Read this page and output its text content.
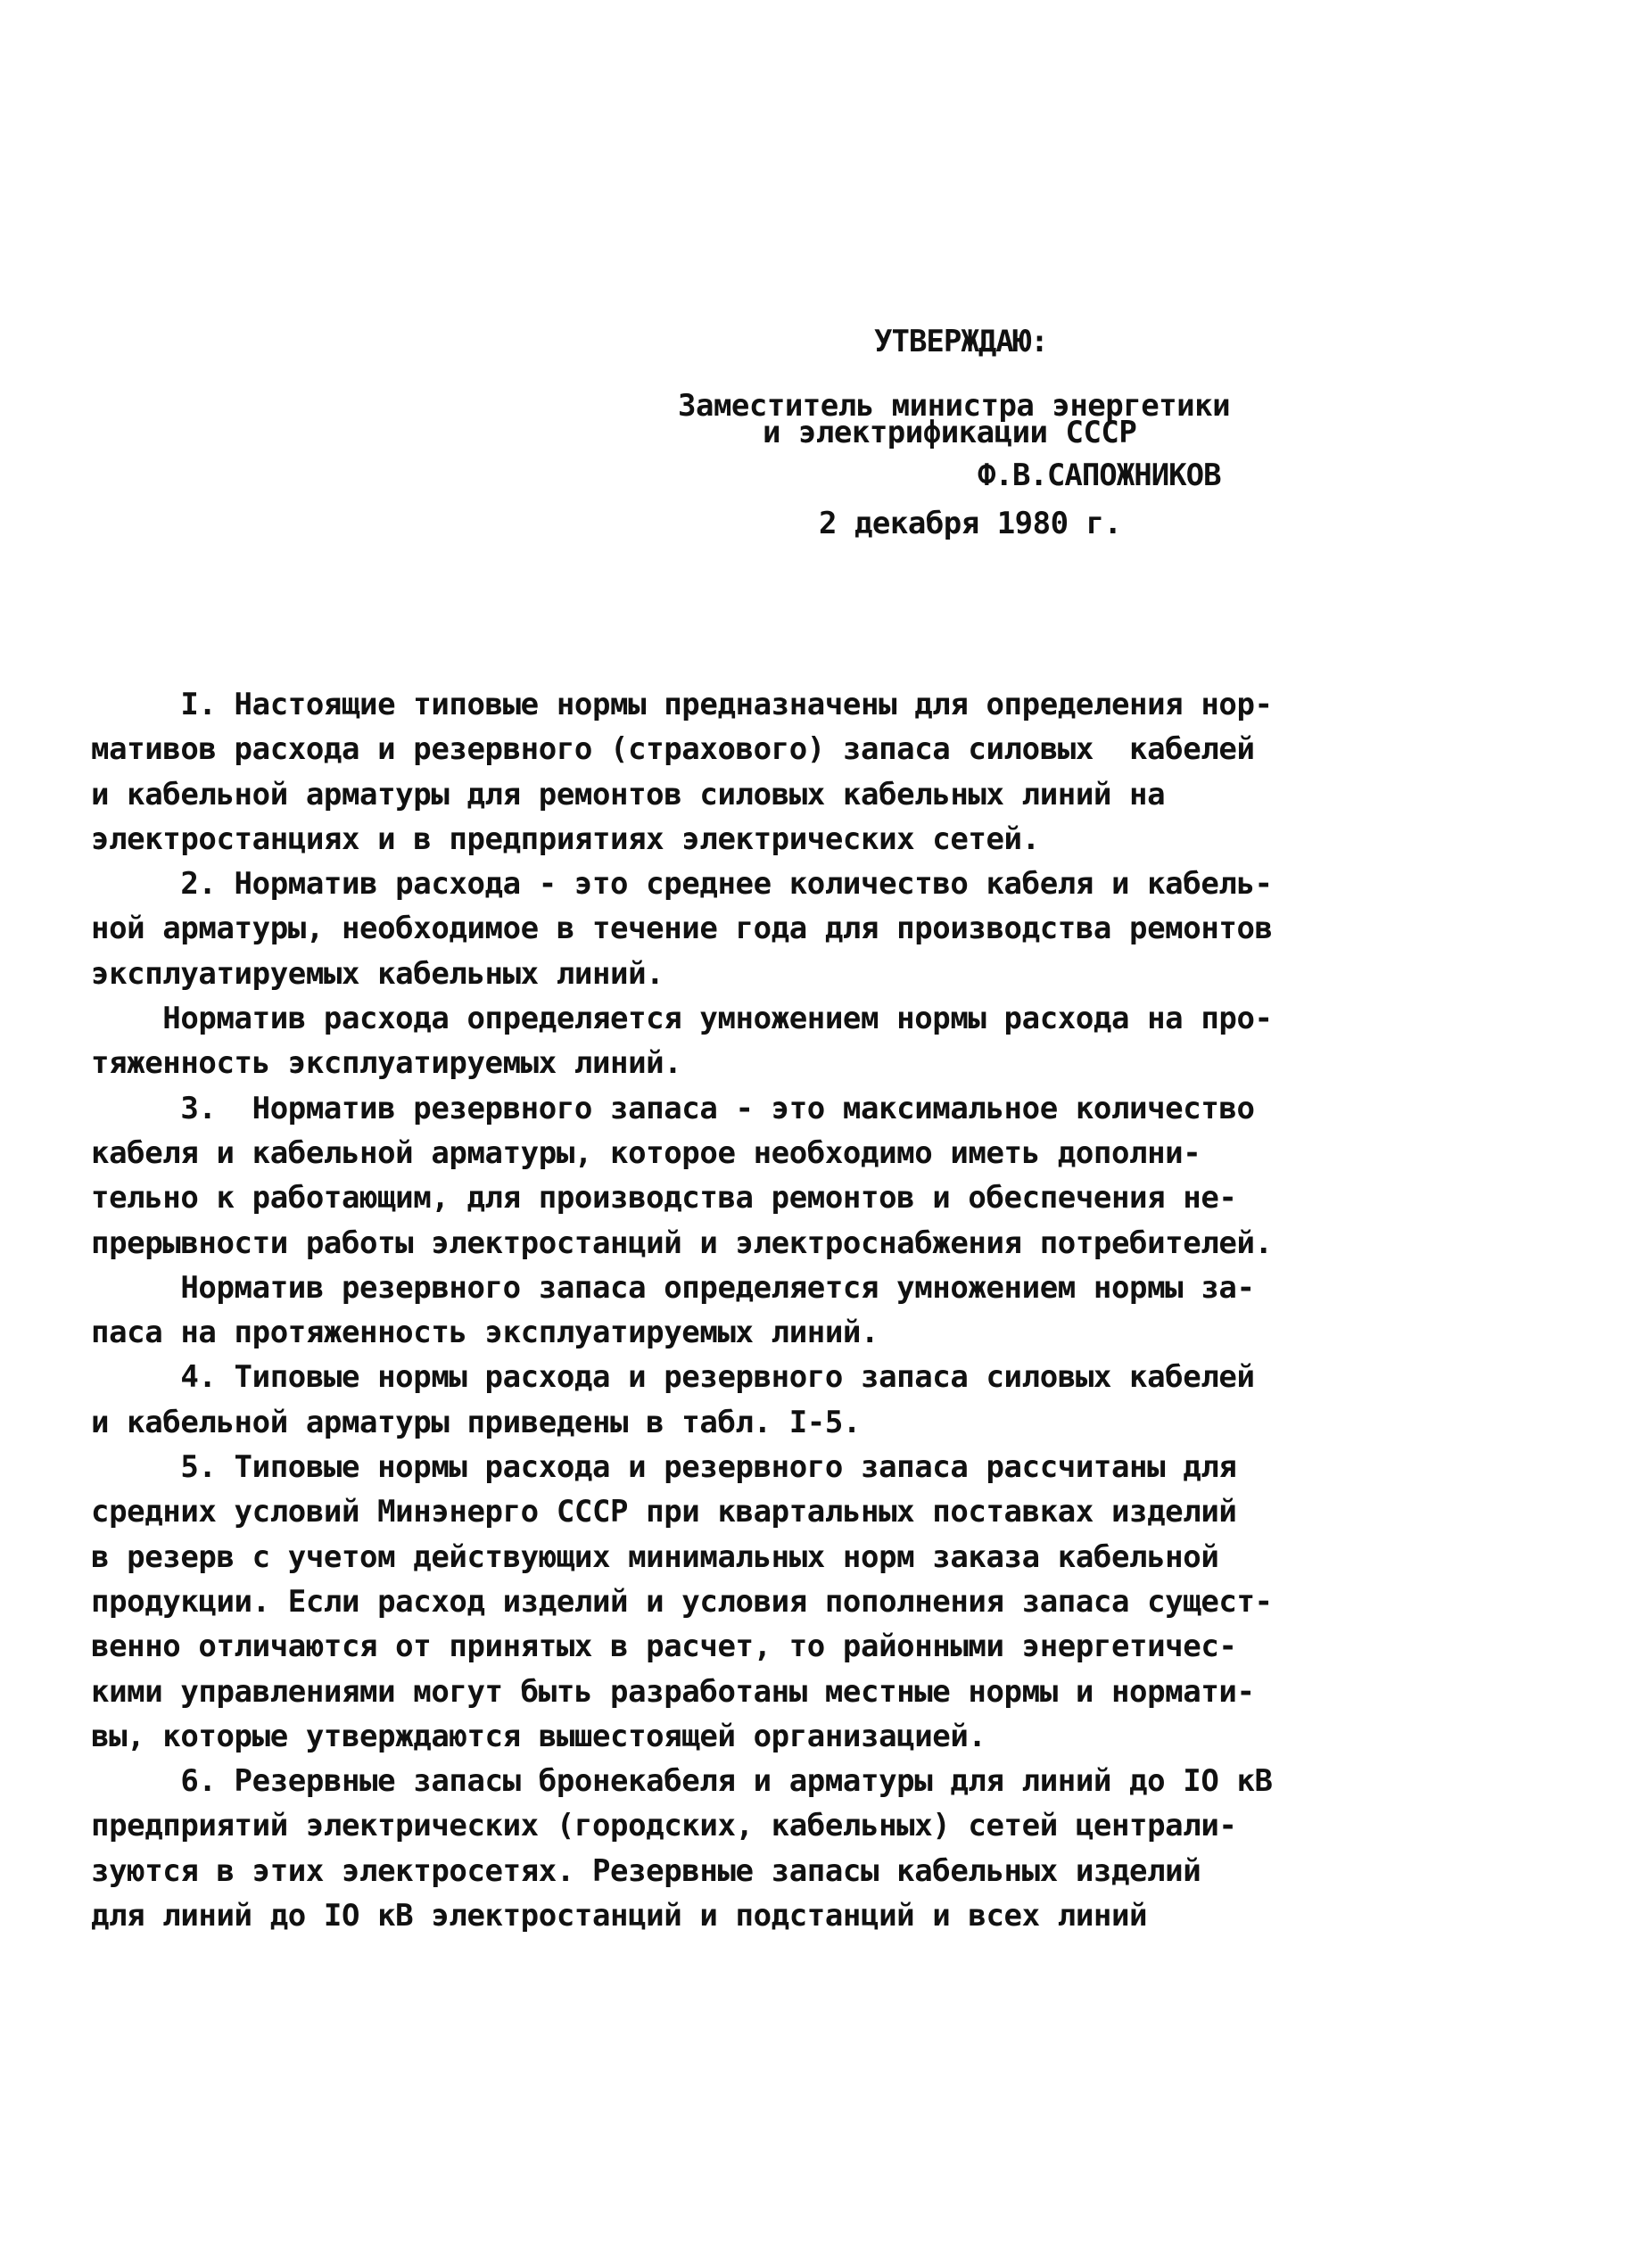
УТВЕРЖДАЮ:
Заместитель министра энергетики
и электрификации СССР
Ф.В.САПОЖНИКОВ
2 декабря 1980 г.
I. Настоящие типовые нормы предназначены для определения нор-
мативов расхода и резервного (страхового) запаса силовых  кабелей
и кабельной арматуры для ремонтов силовых кабельных линий на
электростанциях и в предприятиях электрических сетей.
2. Норматив расхода - это среднее количество кабеля и кабель-
ной арматуры, необходимое в течение года для производства ремонтов
эксплуатируемых кабельных линий.
Норматив расхода определяется умножением нормы расхода на про-
тяженность эксплуатируемых линий.
3.  Норматив резервного запаса - это максимальное количество
кабеля и кабельной арматуры, которое необходимо иметь дополни-
тельно к работающим, для производства ремонтов и обеспечения не-
прерывности работы электростанций и электроснабжения потребителей.
Норматив резервного запаса определяется умножением нормы за-
паса на протяженность эксплуатируемых линий.
4. Типовые нормы расхода и резервного запаса силовых кабелей
и кабельной арматуры приведены в табл. I-5.
5. Типовые нормы расхода и резервного запаса рассчитаны для
средних условий Минэнерго СССР при квартальных поставках изделий
в резерв с учетом действующих минимальных норм заказа кабельной
продукции. Если расход изделий и условия пополнения запаса сущест-
венно отличаются от принятых в расчет, то районными энергетичес-
кими управлениями могут быть разработаны местные нормы и нормати-
вы, которые утверждаются вышестоящей организацией.
6. Резервные запасы бронекабеля и арматуры для линий до IO кВ
предприятий электрических (городских, кабельных) сетей централи-
зуются в этих электросетях. Резервные запасы кабельных изделий
для линий до IO кВ электростанций и подстанций и всех линий
